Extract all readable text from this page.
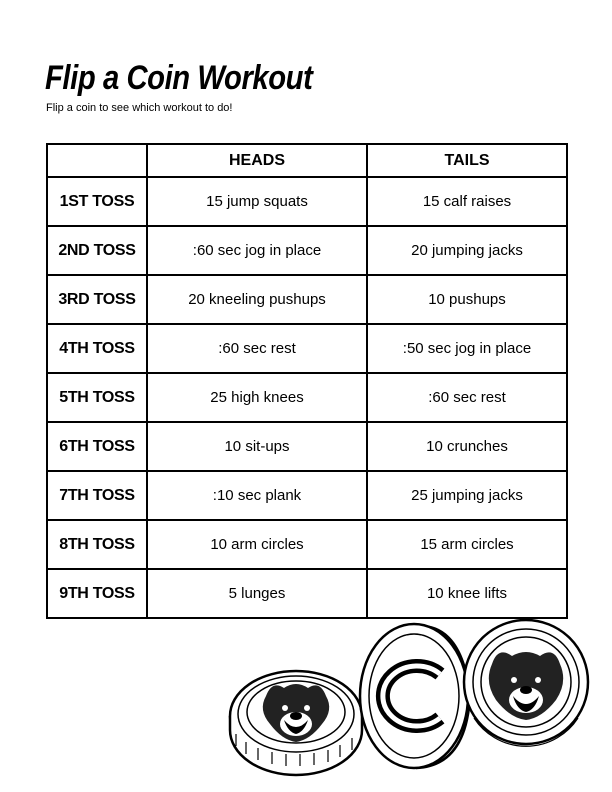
Flip a Coin Workout
Flip a coin to see which workout to do!
	HEADS	TAILS
1ST TOSS	15 jump squats	15 calf raises
2ND TOSS	:60 sec jog in place	20 jumping jacks
3RD TOSS	20 kneeling pushups	10 pushups
4TH TOSS	:60 sec rest	:50 sec jog in place
5TH TOSS	25 high knees	:60 sec rest
6TH TOSS	10 sit-ups	10 crunches
7TH TOSS	:10 sec plank	25 jumping jacks
8TH TOSS	10 arm circles	15 arm circles
9TH TOSS	5 lunges	10 knee lifts
